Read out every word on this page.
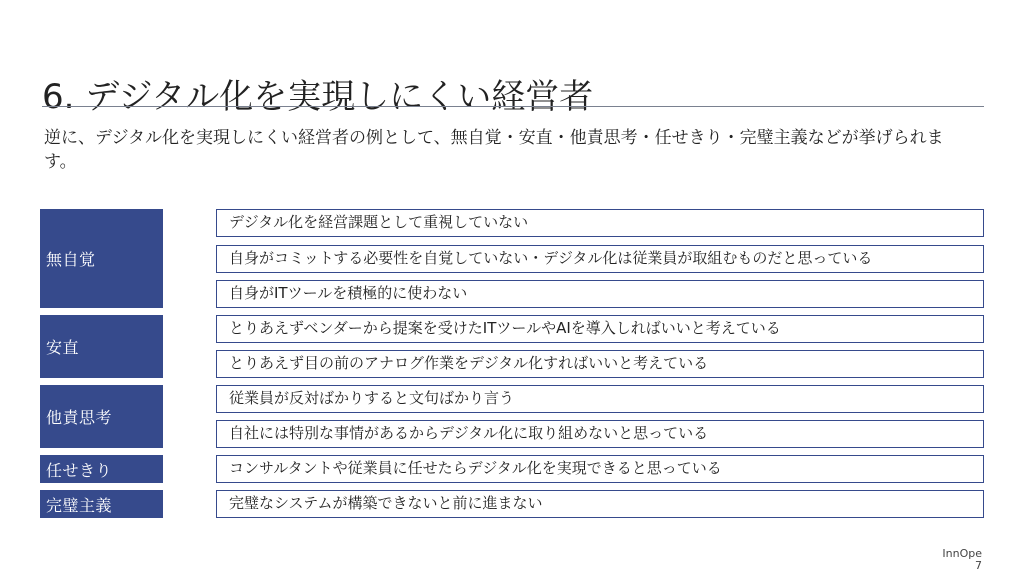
6. デジタル化を実現しにくい経営者

逆に、デジタル化を実現しにくい経営者の例として、無自覚・安直・他責思考・任せきり・完璧主義などが挙げられます。

無自覚
安直
他責思考
任せきり
完璧主義
デジタル化を経営課題として重視していない
自身がコミットする必要性を自覚していない・デジタル化は従業員が取組むものだと思っている
自身がITツールを積極的に使わない
とりあえずベンダーから提案を受けたITツールやAIを導入しればいいと考えている
とりあえず目の前のアナログ作業をデジタル化すればいいと考えている
従業員が反対ばかりすると文句ばかり言う
自社には特別な事情があるからデジタル化に取り組めないと思っている
コンサルタントや従業員に任せたらデジタル化を実現できると思っている
完璧なシステムが構築できないと前に進まない
InnOpe
7
